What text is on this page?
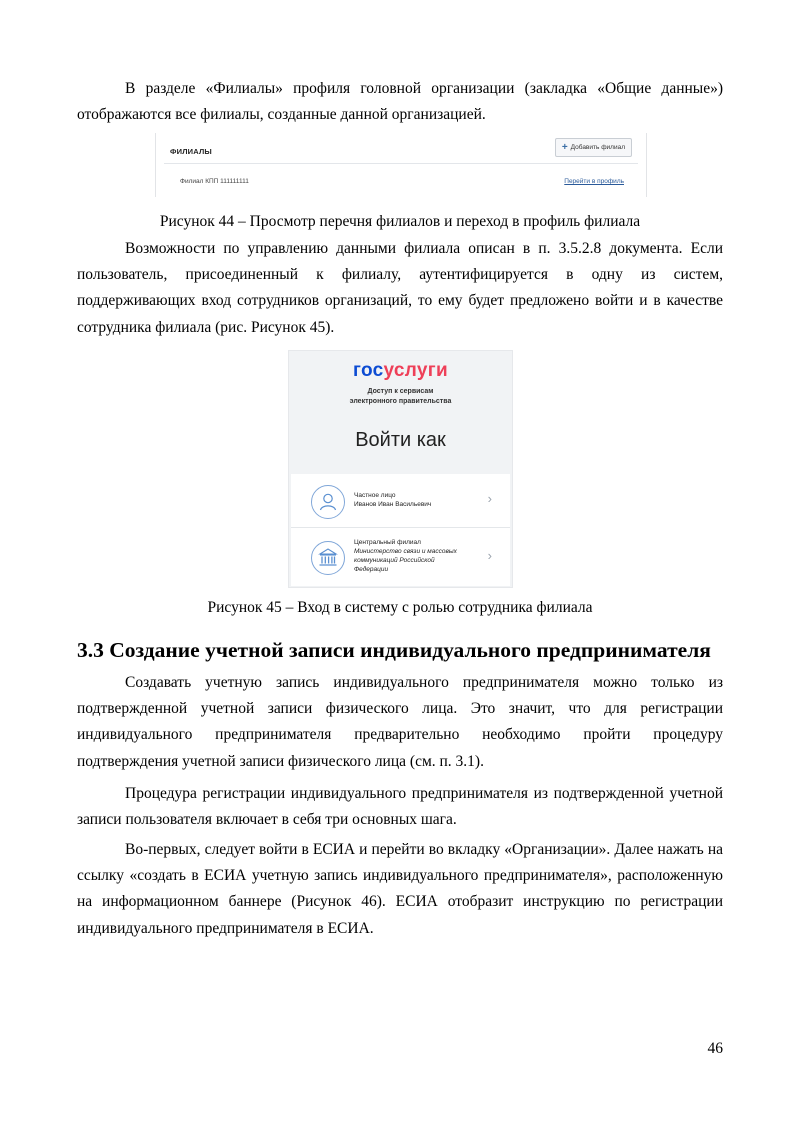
В разделе «Филиалы» профиля головной организации (закладка «Общие данные») отображаются все филиалы, созданные данной организацией.

ФИЛИАЛЫ	+ Добавить филиал
Филиал КПП 111111111	Перейти в профиль

Рисунок 44 – Просмотр перечня филиалов и переход в профиль филиала

Возможности по управлению данными филиала описан в п. 3.5.2.8 документа. Если пользователь, присоединенный к филиалу, аутентифицируется в одну из систем, поддерживающих вход сотрудников организаций, то ему будет предложено войти и в качестве сотрудника филиала (рис. Рисунок 45).

госуслуги
Доступ к сервисам
электронного правительства
Войти как
Частное лицо
Иванов Иван Васильевич	›
Центральный филиал
Министерство связи и массовых
коммуникаций Российской
Федерации
›

Рисунок 45 – Вход в систему с ролью сотрудника филиала

3.3 Создание учетной записи индивидуального предпринимателя

Создавать учетную запись индивидуального предпринимателя можно только из подтвержденной учетной записи физического лица. Это значит, что для регистрации индивидуального предпринимателя предварительно необходимо пройти процедуру подтверждения учетной записи физического лица (см. п. 3.1).

Процедура регистрации индивидуального предпринимателя из подтвержденной учетной записи пользователя включает в себя три основных шага.

Во-первых, следует войти в ЕСИА и перейти во вкладку «Организации». Далее нажать на ссылку «создать в ЕСИА учетную запись индивидуального предпринимателя», расположенную на информационном баннере (Рисунок 46). ЕСИА отобразит инструкцию по регистрации индивидуального предпринимателя в ЕСИА.

46
